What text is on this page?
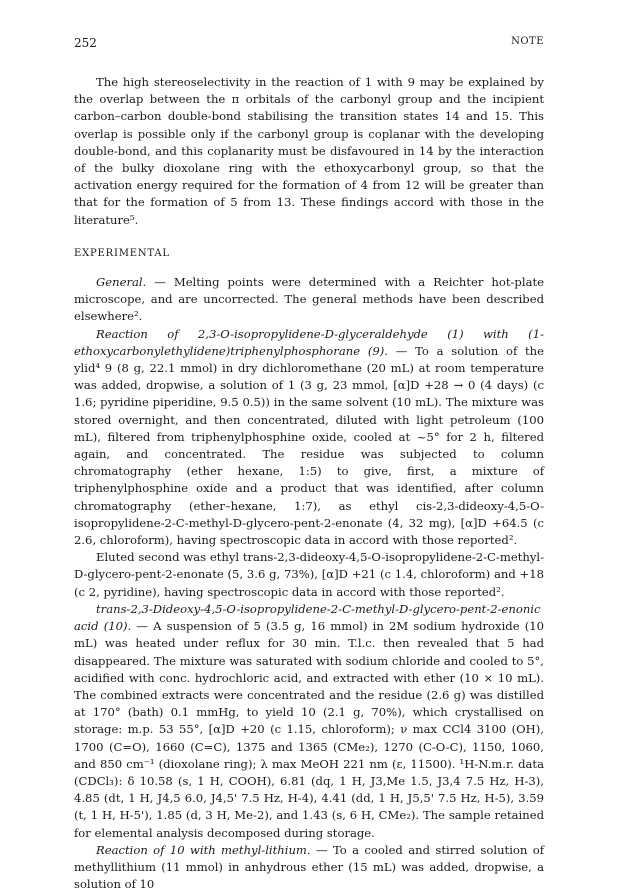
252	NOTE

The high stereoselectivity in the reaction of 1 with 9 may be explained by the overlap between the π orbitals of the carbonyl group and the incipient carbon–carbon double-bond stabilising the transition states 14 and 15. This overlap is possible only if the carbonyl group is coplanar with the developing double-bond, and this coplanarity must be disfavoured in 14 by the interaction of the bulky dioxolane ring with the ethoxycarbonyl group, so that the activation energy required for the formation of 4 from 12 will be greater than that for the formation of 5 from 13. These findings accord with those in the literature⁵.

EXPERIMENTAL

General. — Melting points were determined with a Reichter hot-plate microscope, and are uncorrected. The general methods have been described elsewhere².

Reaction of 2,3-O-isopropylidene-D-glyceraldehyde (1) with (1-ethoxycarbonylethylidene)triphenylphosphorane (9). — To a solution of the ylid⁴ 9 (8 g, 22.1 mmol) in dry dichloromethane (20 mL) at room temperature was added, dropwise, a solution of 1 (3 g, 23 mmol, [α]D +28 → 0 (4 days) (c 1.6; pyridine piperidine, 9.5 0.5)) in the same solvent (10 mL). The mixture was stored overnight, and then concentrated, diluted with light petroleum (100 mL), filtered from triphenylphosphine oxide, cooled at ~5° for 2 h, filtered again, and concentrated. The residue was subjected to column chromatography (ether hexane, 1:5) to give, first, a mixture of triphenylphosphine oxide and a product that was identified, after column chromatography (ether–hexane, 1:7), as ethyl cis-2,3-dideoxy-4,5-O-isopropylidene-2-C-methyl-D-glycero-pent-2-enonate (4, 32 mg), [α]D +64.5 (c 2.6, chloroform), having spectroscopic data in accord with those reported².

Eluted second was ethyl trans-2,3-dideoxy-4,5-O-isopropylidene-2-C-methyl-D-glycero-pent-2-enonate (5, 3.6 g, 73%), [α]D +21 (c 1.4, chloroform) and +18 (c 2, pyridine), having spectroscopic data in accord with those reported².

trans-2,3-Dideoxy-4,5-O-isopropylidene-2-C-methyl-D-glycero-pent-2-enonic acid (10). — A suspension of 5 (3.5 g, 16 mmol) in 2M sodium hydroxide (10 mL) was heated under reflux for 30 min. T.l.c. then revealed that 5 had disappeared. The mixture was saturated with sodium chloride and cooled to 5°, acidified with conc. hydrochloric acid, and extracted with ether (10 × 10 mL). The combined extracts were concentrated and the residue (2.6 g) was distilled at 170° (bath) 0.1 mmHg, to yield 10 (2.1 g, 70%), which crystallised on storage: m.p. 53 55°, [α]D +20 (c 1.15, chloroform); ν max CCl4 3100 (OH), 1700 (C=O), 1660 (C=C), 1375 and 1365 (CMe₂), 1270 (C-O-C), 1150, 1060, and 850 cm⁻¹ (dioxolane ring); λ max MeOH 221 nm (ε, 11500). ¹H-N.m.r. data (CDCl₃): δ 10.58 (s, 1 H, COOH), 6.81 (dq, 1 H, J3,Me 1.5, J3,4 7.5 Hz, H-3), 4.85 (dt, 1 H, J4,5 6.0, J4,5' 7.5 Hz, H-4), 4.41 (dd, 1 H, J5,5' 7.5 Hz, H-5), 3.59 (t, 1 H, H-5'), 1.85 (d, 3 H, Me-2), and 1.43 (s, 6 H, CMe₂). The sample retained for elemental analysis decomposed during storage.

Reaction of 10 with methyl-lithium. — To a cooled and stirred solution of methyllithium (11 mmol) in anhydrous ether (15 mL) was added, dropwise, a solution of 10
